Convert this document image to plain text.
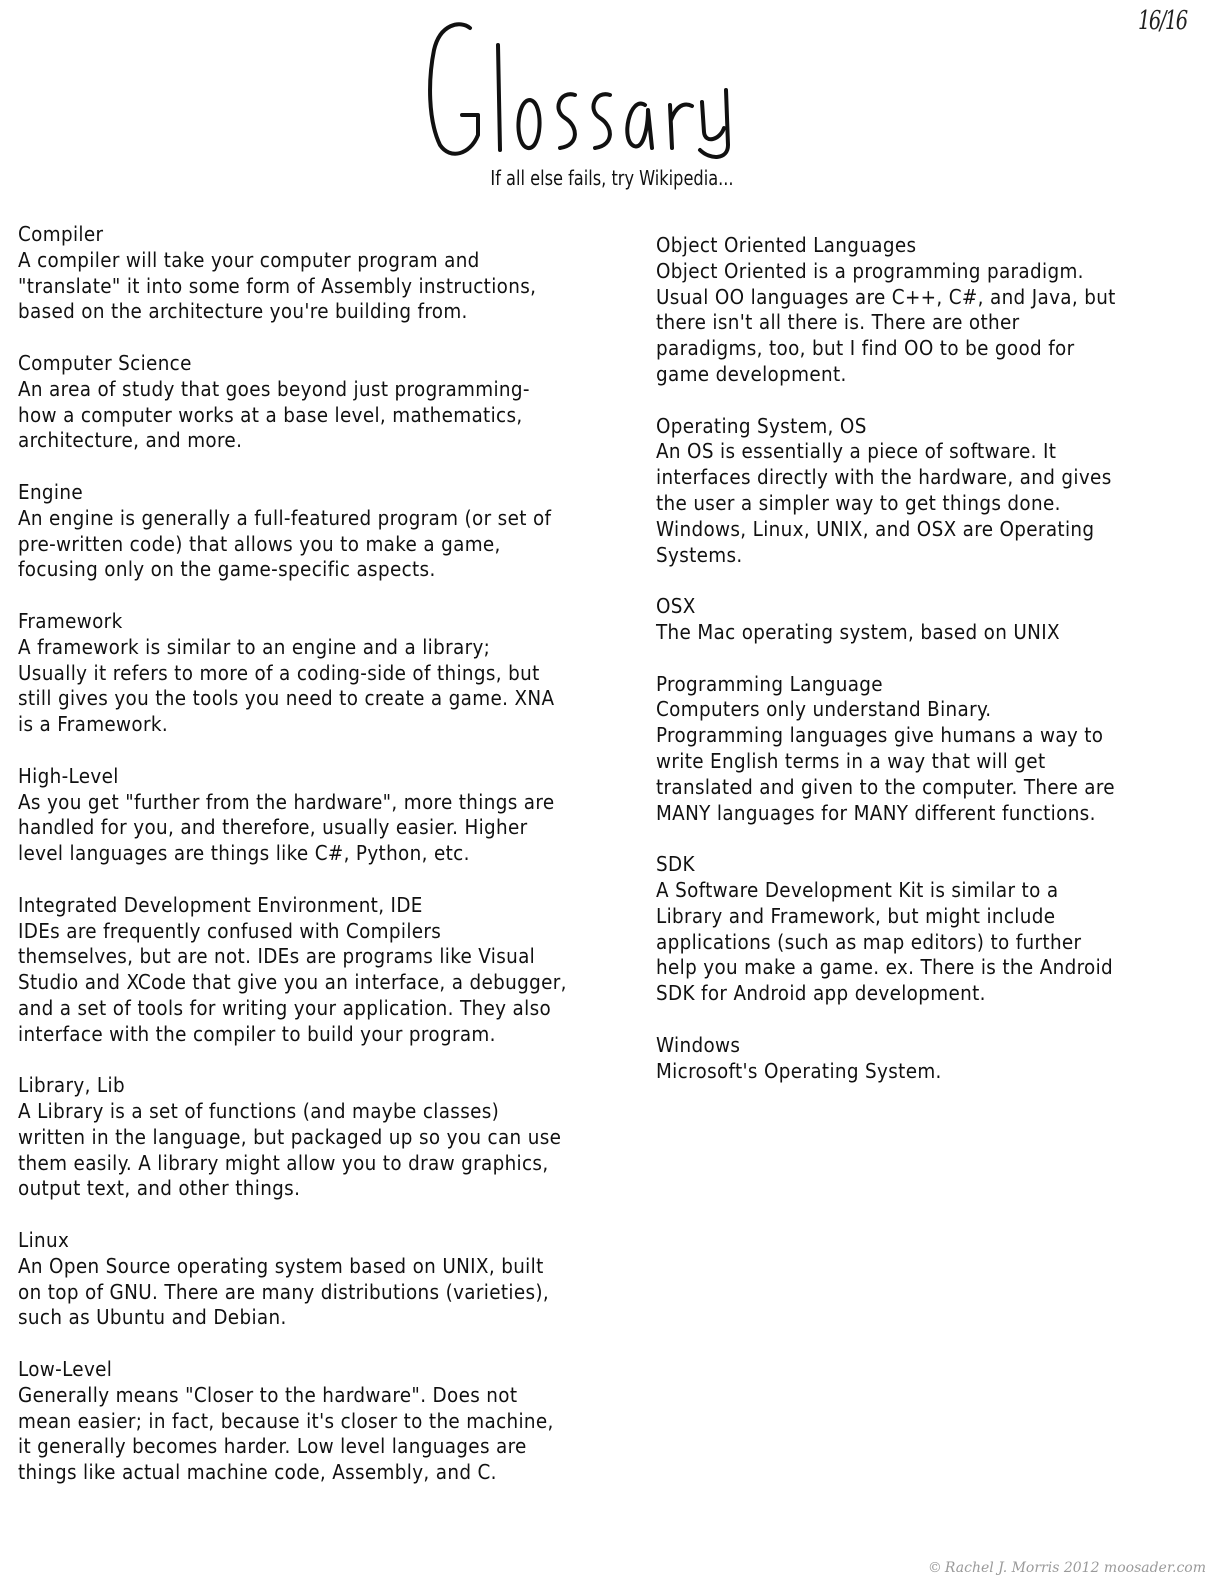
16/16
If all else fails, try Wikipedia...
Compiler
A compiler will take your computer program and
"translate" it into some form of Assembly instructions,
based on the architecture you're building from.
Computer Science
An area of study that goes beyond just programming-
how a computer works at a base level, mathematics,
architecture, and more.
Engine
An engine is generally a full-featured program (or set of
pre-written code) that allows you to make a game,
focusing only on the game-specific aspects.
Framework
A framework is similar to an engine and a library;
Usually it refers to more of a coding-side of things, but
still gives you the tools you need to create a game. XNA
is a Framework.
High-Level
As you get "further from the hardware", more things are
handled for you, and therefore, usually easier. Higher
level languages are things like C#, Python, etc.
Integrated Development Environment, IDE
IDEs are frequently confused with Compilers
themselves, but are not. IDEs are programs like Visual
Studio and XCode that give you an interface, a debugger,
and a set of tools for writing your application. They also
interface with the compiler to build your program.
Library, Lib
A Library is a set of functions (and maybe classes)
written in the language, but packaged up so you can use
them easily. A library might allow you to draw graphics,
output text, and other things.
Linux
An Open Source operating system based on UNIX, built
on top of GNU. There are many distributions (varieties),
such as Ubuntu and Debian.
Low-Level
Generally means "Closer to the hardware". Does not
mean easier; in fact, because it's closer to the machine,
it generally becomes harder. Low level languages are
things like actual machine code, Assembly, and C.
Object Oriented Languages
Object Oriented is a programming paradigm.
Usual OO languages are C++, C#, and Java, but
there isn't all there is. There are other
paradigms, too, but I find OO to be good for
game development.
Operating System, OS
An OS is essentially a piece of software. It
interfaces directly with the hardware, and gives
the user a simpler way to get things done.
Windows, Linux, UNIX, and OSX are Operating
Systems.
OSX
The Mac operating system, based on UNIX
Programming Language
Computers only understand Binary.
Programming languages give humans a way to
write English terms in a way that will get
translated and given to the computer. There are
MANY languages for MANY different functions.
SDK
A Software Development Kit is similar to a
Library and Framework, but might include
applications (such as map editors) to further
help you make a game. ex. There is the Android
SDK for Android app development.
Windows
Microsoft's Operating System.
© Rachel J. Morris 2012 moosader.com
